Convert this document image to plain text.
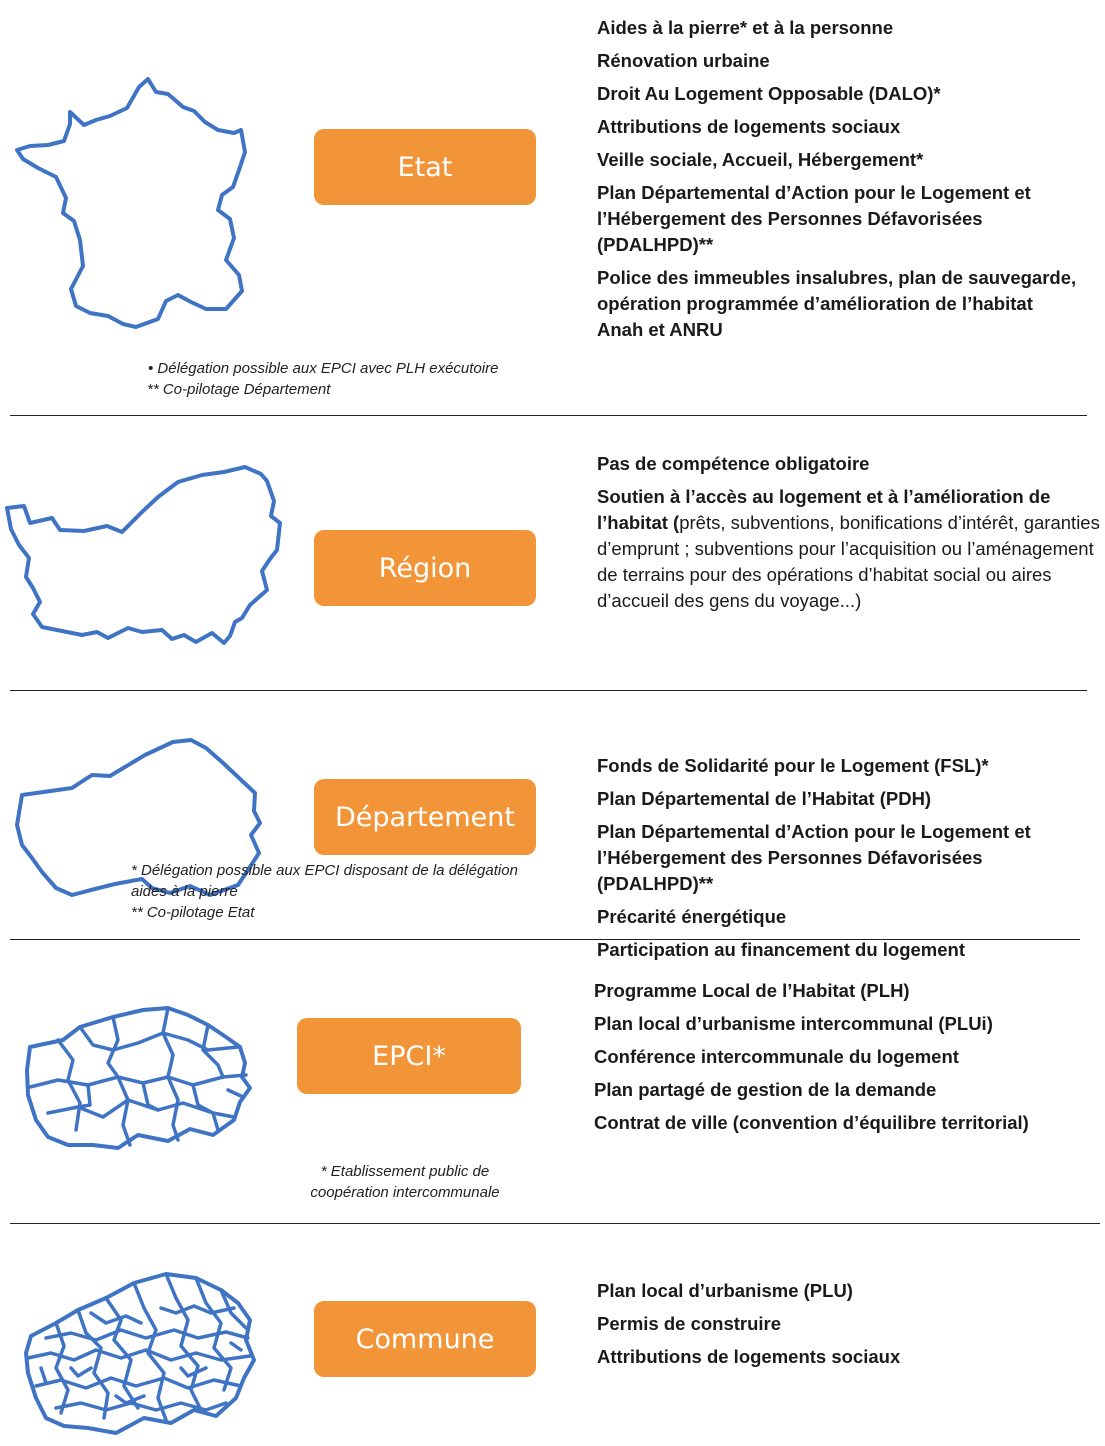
Etat
Aides à la pierre* et à la personne
Rénovation urbaine
Droit Au Logement Opposable (DALO)*
Attributions de logements sociaux
Veille sociale, Accueil, Hébergement*
Plan Départemental d’Action pour le Logement et l’Hébergement des Personnes Défavorisées (PDALHPD)**
Police des immeubles insalubres, plan de sauvegarde, opération programmée d’amélioration de l’habitat
Anah et ANRU
• Délégation possible aux EPCI avec PLH exécutoire
** Co-pilotage Département
Région
Pas de compétence obligatoire
Soutien à l’accès au logement et à l’amélioration de l’habitat (prêts, subventions, bonifications d’intérêt, garanties d’emprunt ; subventions pour l’acquisition ou l’aménagement de terrains pour des opérations d’habitat social ou aires d’accueil des gens du voyage...)
Département
Fonds de Solidarité pour le Logement (FSL)*
Plan Départemental de l’Habitat (PDH)
Plan Départemental d’Action pour le Logement et l’Hébergement des Personnes Défavorisées (PDALHPD)**
Précarité énergétique
Participation au financement du logement
* Délégation possible aux EPCI disposant de la délégation
aides à la pierre
** Co-pilotage Etat
EPCI*
Programme Local de l’Habitat (PLH)
Plan local d’urbanisme intercommunal (PLUi)
Conférence intercommunale du logement
Plan partagé de gestion de la demande
Contrat de ville (convention d’équilibre territorial)
* Etablissement public de
coopération intercommunale
Commune
Plan local d’urbanisme (PLU)
Permis de construire
Attributions de logements sociaux
